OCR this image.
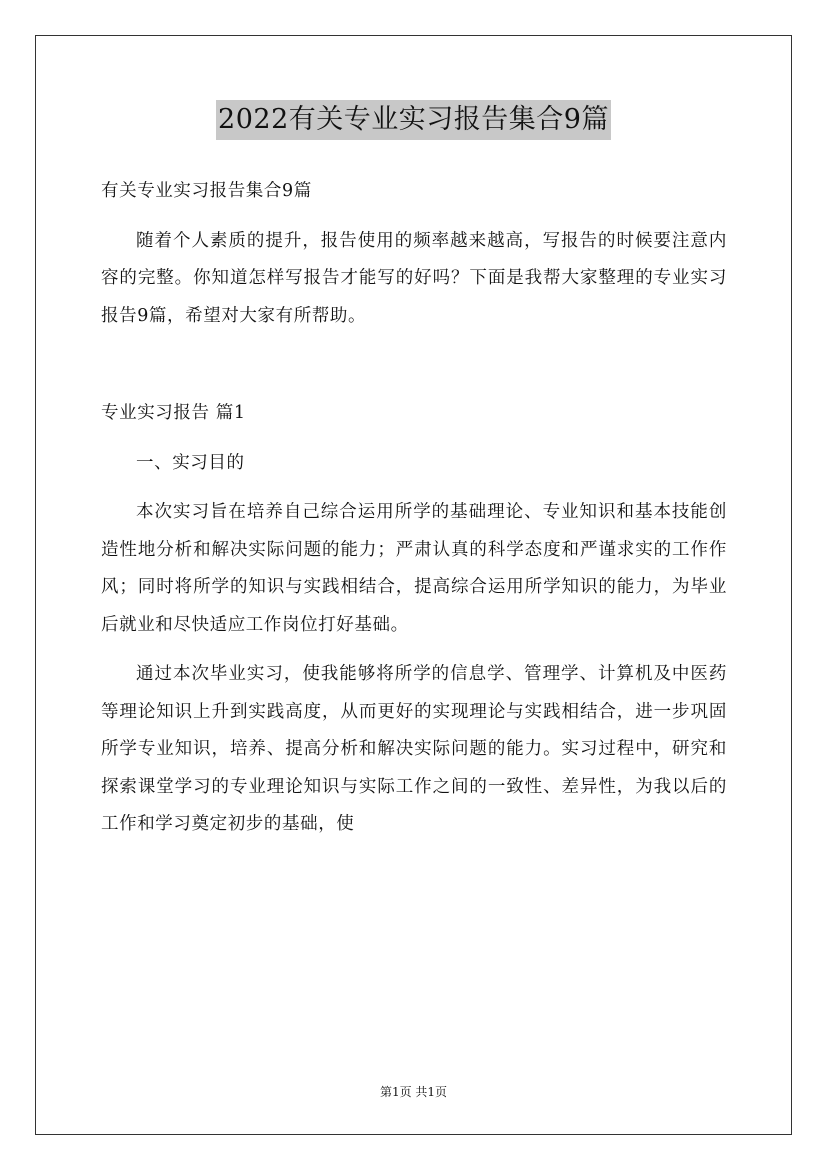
2022有关专业实习报告集合9篇

有关专业实习报告集合9篇

随着个人素质的提升，报告使用的频率越来越高，写报告的时候要注意内容的完整。你知道怎样写报告才能写的好吗？下面是我帮大家整理的专业实习报告9篇，希望对大家有所帮助。

专业实习报告 篇1

一、实习目的

本次实习旨在培养自己综合运用所学的基础理论、专业知识和基本技能创造性地分析和解决实际问题的能力；严肃认真的科学态度和严谨求实的工作作风；同时将所学的知识与实践相结合，提高综合运用所学知识的能力，为毕业后就业和尽快适应工作岗位打好基础。

通过本次毕业实习，使我能够将所学的信息学、管理学、计算机及中医药等理论知识上升到实践高度，从而更好的实现理论与实践相结合，进一步巩固所学专业知识，培养、提高分析和解决实际问题的能力。实习过程中，研究和探索课堂学习的专业理论知识与实际工作之间的一致性、差异性，为我以后的工作和学习奠定初步的基础，使

第1页 共1页
